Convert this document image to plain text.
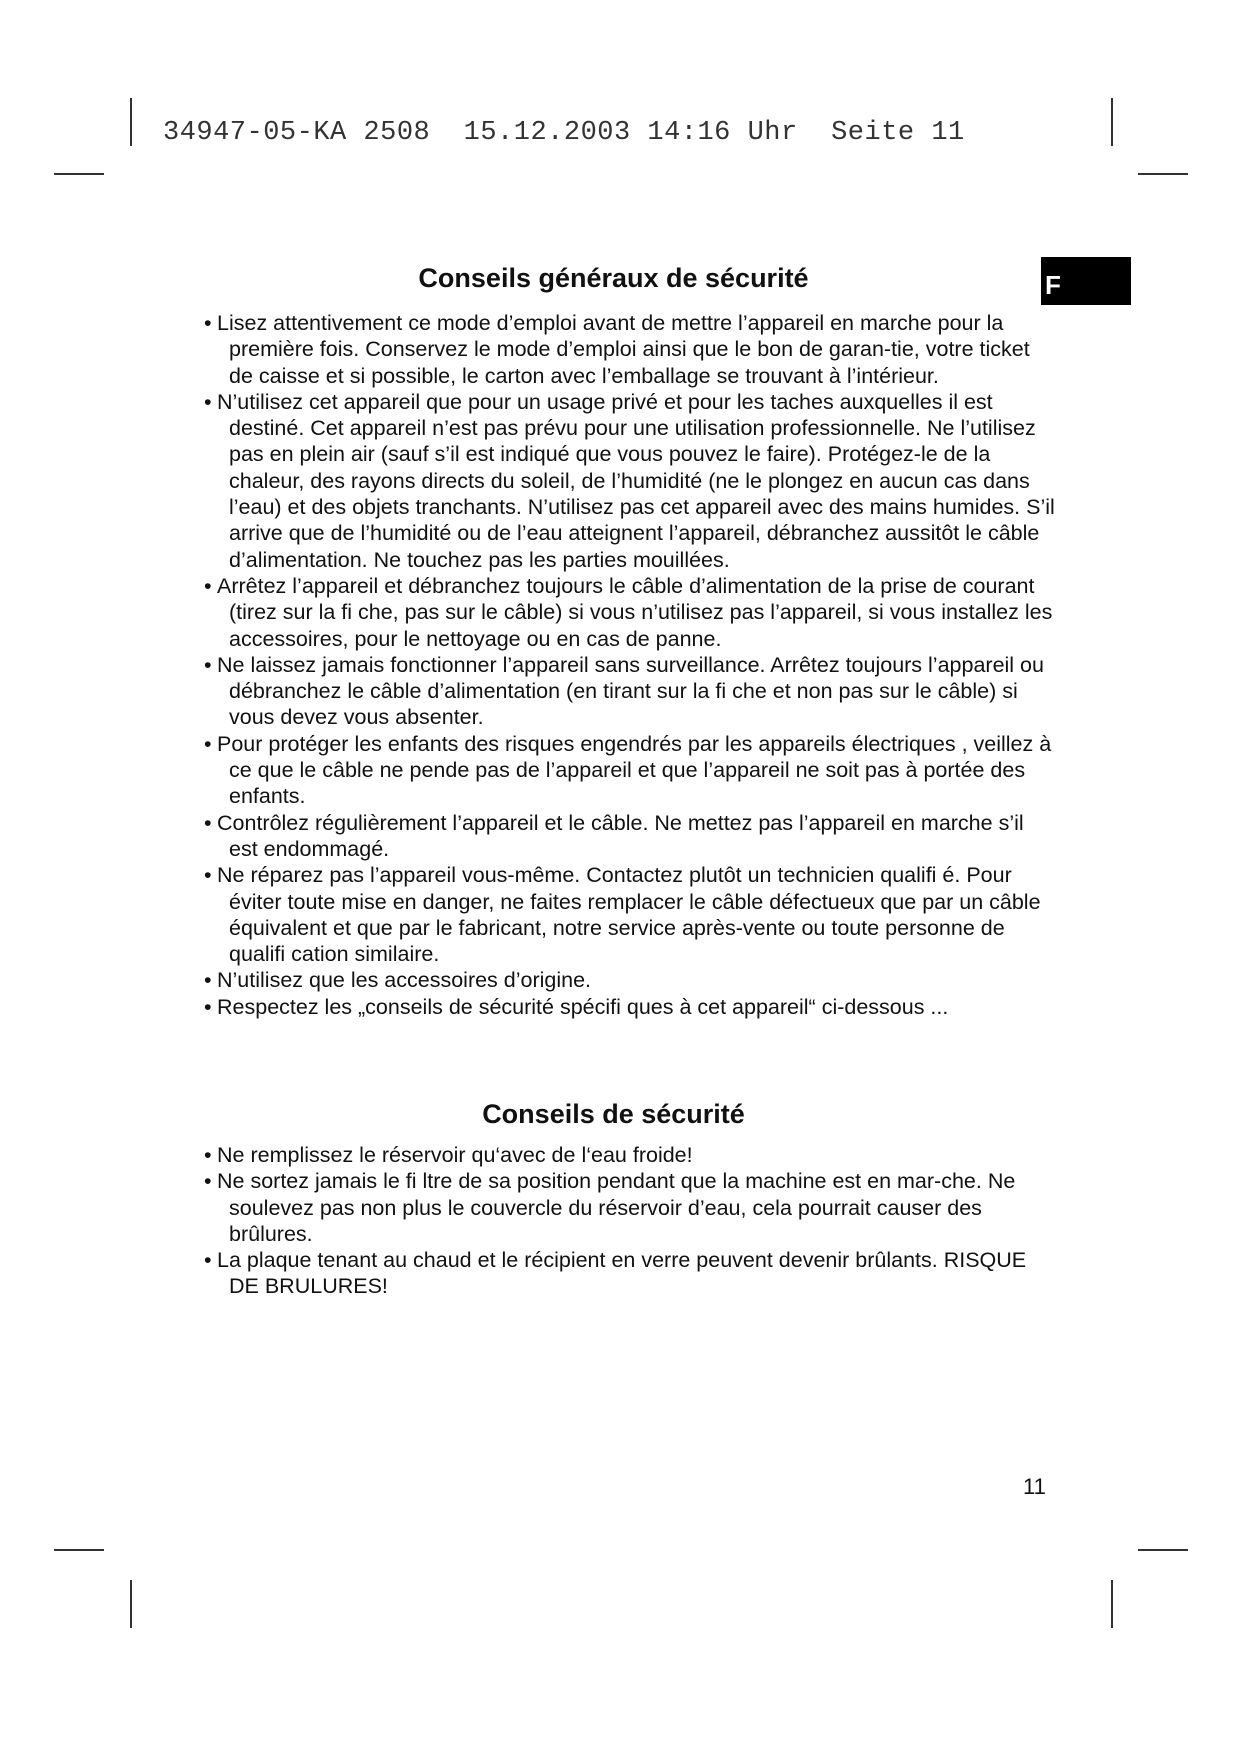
34947-05-KA 2508  15.12.2003 14:16 Uhr  Seite 11
F
Conseils généraux de sécurité
• Lisez attentivement ce mode d’emploi avant de mettre l’appareil en marche pour la première fois. Conservez le mode d’emploi ainsi que le bon de garan-tie, votre ticket de caisse et si possible, le carton avec l’emballage se trouvant à l’intérieur.
• N’utilisez cet appareil que pour un usage privé et pour les taches auxquelles il est destiné. Cet appareil n’est pas prévu pour une utilisation professionnelle. Ne l’utilisez pas en plein air (sauf s’il est indiqué que vous pouvez le faire). Protégez-le de la chaleur, des rayons directs du soleil, de l’humidité (ne le plongez en aucun cas dans l’eau) et des objets tranchants. N’utilisez pas cet appareil avec des mains humides. S’il arrive que de l’humidité ou de l’eau atteignent l’appareil, débranchez aussitôt le câble d’alimentation. Ne touchez pas les parties mouillées.
• Arrêtez l’appareil et débranchez toujours le câble d’alimentation de la prise de courant (tirez sur la fi che, pas sur le câble) si vous n’utilisez pas l’appareil, si vous installez les accessoires, pour le nettoyage ou en cas de panne.
• Ne laissez jamais fonctionner l’appareil sans surveillance. Arrêtez toujours l’appareil ou débranchez le câble d’alimentation (en tirant sur la fi che et non pas sur le câble) si vous devez vous absenter.
• Pour protéger les enfants des risques engendrés par les appareils électriques , veillez à ce que le câble ne pende pas de l’appareil et que l’appareil ne soit pas à portée des enfants.
• Contrôlez régulièrement l’appareil et le câble. Ne mettez pas l’appareil en marche s’il est endommagé.
• Ne réparez pas l’appareil vous-même. Contactez plutôt un technicien qualifi é. Pour éviter toute mise en danger, ne faites remplacer le câble défectueux que par un câble équivalent et que par le fabricant, notre service après-vente ou toute personne de qualifi cation similaire.
• N’utilisez que les accessoires d’origine.
• Respectez les „conseils de sécurité spécifi ques à cet appareil“ ci-dessous ...
Conseils de sécurité
• Ne remplissez le réservoir qu‘avec de l‘eau froide!
• Ne sortez jamais le fi ltre de sa position pendant que la machine est en mar-che. Ne soulevez pas non plus le couvercle du réservoir d’eau, cela pourrait causer des brûlures.
• La plaque tenant au chaud et le récipient en verre peuvent devenir brûlants. RISQUE DE BRULURES!
11
